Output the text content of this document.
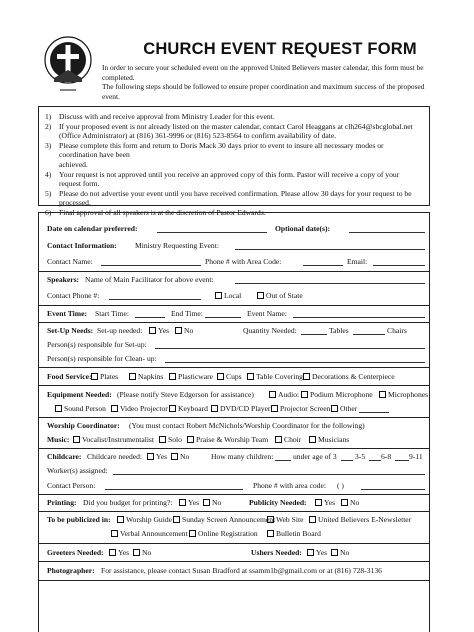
CHURCH EVENT REQUEST FORM
In order to secure your scheduled event on the approved United Believers master calendar, this form must be completed.
The following steps should be followed to ensure proper coordination and maximum success of the proposed event.
1)	Discuss with and receive approval from Ministry Leader for this event.
2)	If your proposed event is not already listed on the master calendar, contact Carol Heaggans at clh264@sbcglobal.net
(Office Administrator) at (816) 361-9996 or (816) 523-8564 to confirm availability of date.
3)	Please complete this form and return to Doris Mack 30 days prior to event to insure all necessary modes or coordination have been
achieved.
4)	Your request is not approved until you receive an approved copy of this form. Pastor will receive a copy of your request form.
5)	Please do not advertise your event until you have received confirmation. Please allow 30 days for your request to be processed.
6)	Final approval of all speakers is at the discretion of Pastor Edwards.
Date on calendar preferred:	Optional date(s):
Contact Information: Ministry Requesting Event:
Contact Name:	Phone # with Area Code:	Email:
Speakers: Name of Main Facilitator for above event:
Contact Phone #:	Local	Out of State
Event Time: Start Time:	End Time:	Event Name:
Set-Up Needs: Set-up needed:	Yes	No	Quantity Needed:	Tables	Chairs
Person(s) responsible for Set-up:
Person(s) responsible for Clean- up:
Food Service:	Plates	Napkins	Plasticware	Cups	Table Covering	Decorations & Centerpiece
Equipment Needed: (Please notify Steve Edgerson for assistance)	Audio:	Podium Microphone	Microphones
Sound Person	Video Projector	Keyboard	DVD/CD Player	Projector Screen	Other
Worship Coordinator: (You must contact Robert McNichols/Worship Coordinator for the following)
Music:	Vocalist/Instrumentalist	Solo	Praise & Worship Team	Choir	Musicians
Childcare: Childcare needed:	Yes	No	How many children:	under age of 3 3-5 6-8 9-11
Worker(s) assigned:
Contact Person:	Phone # with area code: ( )
Printing: Did you budget for printing?:	Yes	No	Publicity Needed:	Yes	No
To be publicized in:	Worship Guide	Sunday Screen Announcement Web Site	United Believers E-Newsletter
Verbal Announcement	Online Registration	Bulletin Board
Greeters Needed:	Yes	No	Ushers Needed:	Yes	No
Photographer: For assistance, please contact Susan Bradford at ssamm1b@gmail.com or at (816) 728-3136
